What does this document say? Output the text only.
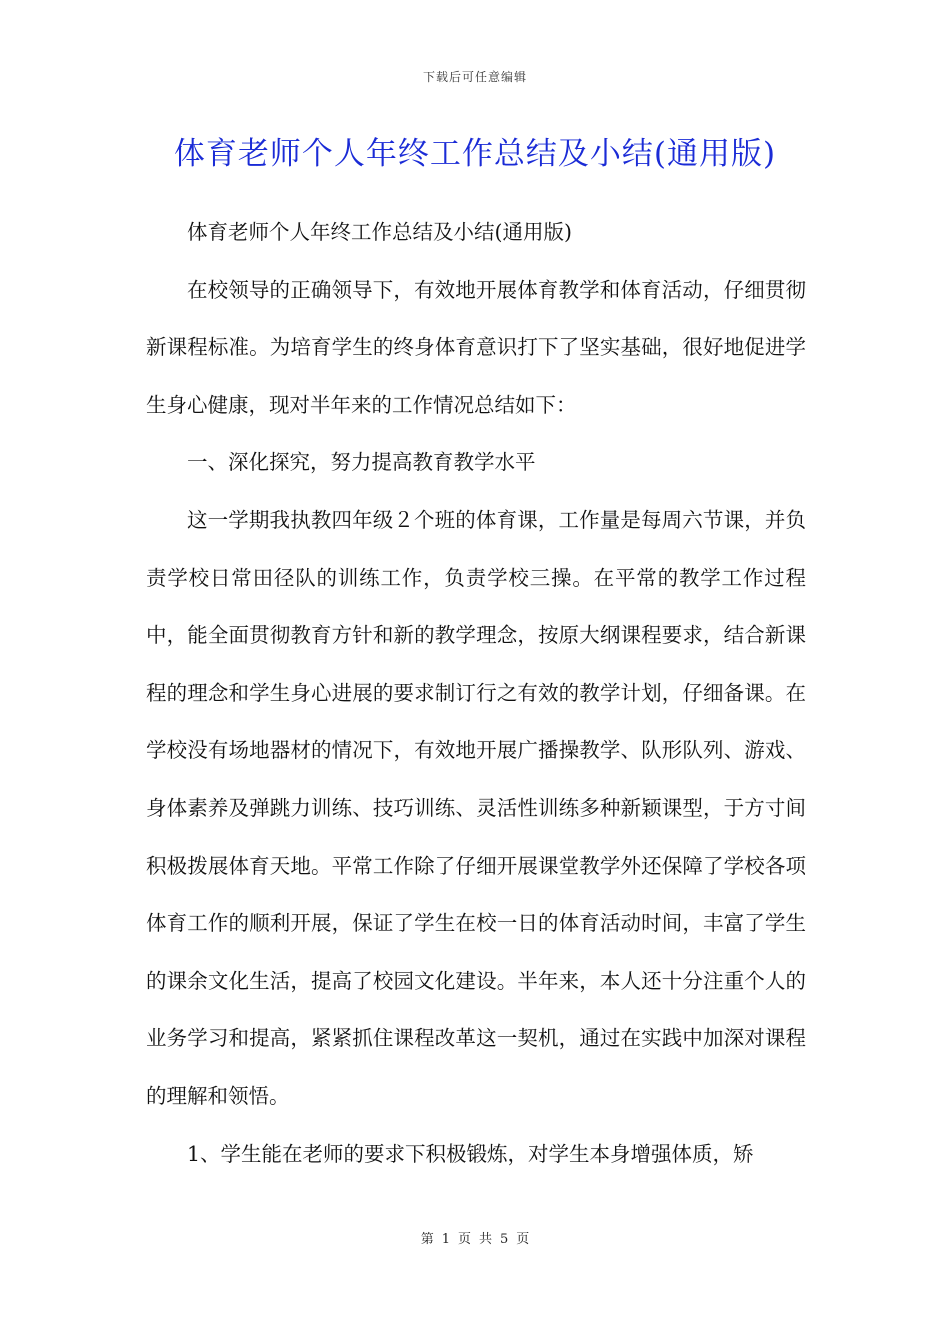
下载后可任意编辑
体育老师个人年终工作总结及小结(通用版)

体育老师个人年终工作总结及小结(通用版)

在校领导的正确领导下，有效地开展体育教学和体育活动，仔细贯彻新课程标准。为培育学生的终身体育意识打下了坚实基础，很好地促进学生身心健康，现对半年来的工作情况总结如下：

一、深化探究，努力提高教育教学水平

这一学期我执教四年级２个班的体育课，工作量是每周六节课，并负责学校日常田径队的训练工作，负责学校三操。在平常的教学工作过程中，能全面贯彻教育方针和新的教学理念，按原大纲课程要求，结合新课程的理念和学生身心进展的要求制订行之有效的教学计划，仔细备课。在学校没有场地器材的情况下，有效地开展广播操教学、队形队列、游戏、身体素养及弹跳力训练、技巧训练、灵活性训练多种新颖课型，于方寸间积极拨展体育天地。平常工作除了仔细开展课堂教学外还保障了学校各项体育工作的顺利开展，保证了学生在校一日的体育活动时间，丰富了学生的课余文化生活，提高了校园文化建设。半年来，本人还十分注重个人的业务学习和提高，紧紧抓住课程改革这一契机，通过在实践中加深对课程的理解和领悟。

1、学生能在老师的要求下积极锻炼，对学生本身增强体质，矫

第 1 页 共 5 页
